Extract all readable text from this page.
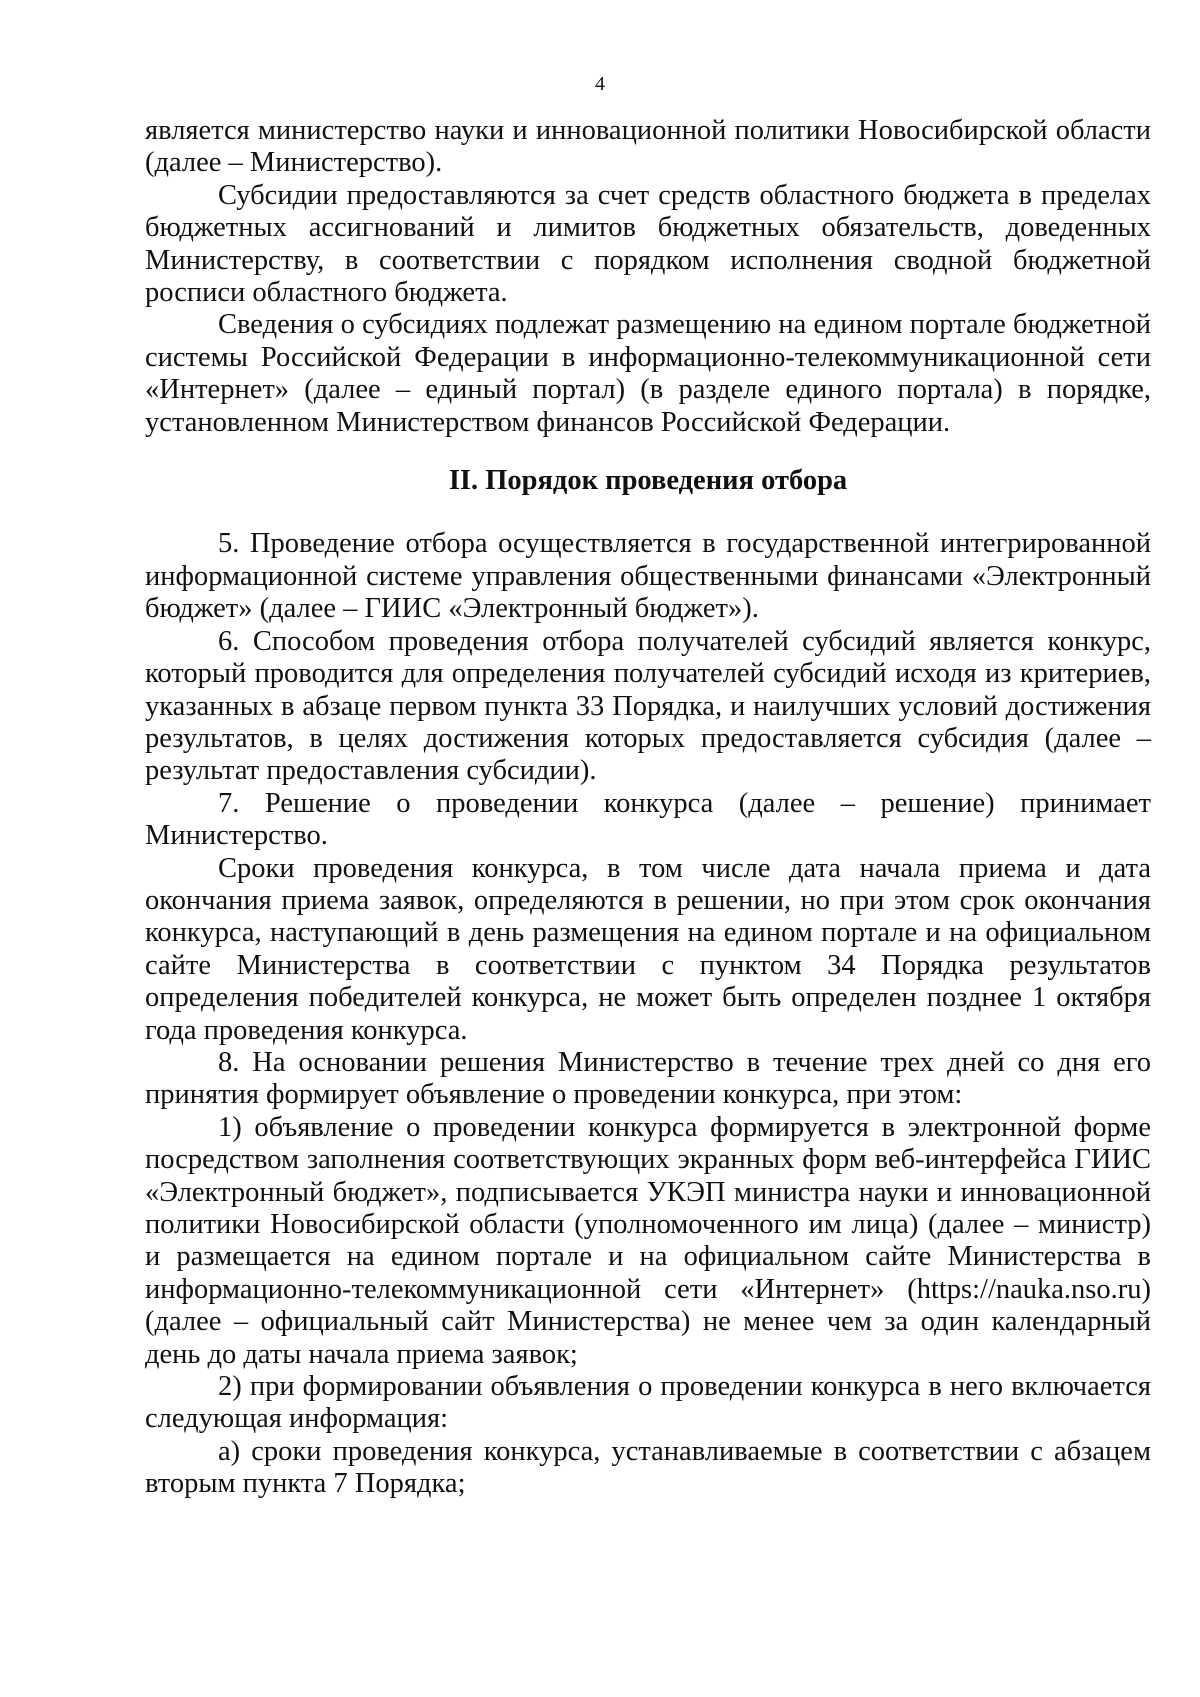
4

является министерство науки и инновационной политики Новосибирской области (далее – Министерство).

Субсидии предоставляются за счет средств областного бюджета в пределах бюджетных ассигнований и лимитов бюджетных обязательств, доведенных Министерству, в соответствии с порядком исполнения сводной бюджетной росписи областного бюджета.

Сведения о субсидиях подлежат размещению на едином портале бюджетной системы Российской Федерации в информационно-телекоммуникационной сети «Интернет» (далее – единый портал) (в разделе единого портала) в порядке, установленном Министерством финансов Российской Федерации.

II. Порядок проведения отбора

5. Проведение отбора осуществляется в государственной интегрированной информационной системе управления общественными финансами «Электронный бюджет» (далее – ГИИС «Электронный бюджет»).

6. Способом проведения отбора получателей субсидий является конкурс, который проводится для определения получателей субсидий исходя из критериев, указанных в абзаце первом пункта 33 Порядка, и наилучших условий достижения результатов, в целях достижения которых предоставляется субсидия (далее – результат предоставления субсидии).

7. Решение о проведении конкурса (далее – решение) принимает Министерство.

Сроки проведения конкурса, в том числе дата начала приема и дата окончания приема заявок, определяются в решении, но при этом срок окончания конкурса, наступающий в день размещения на едином портале и на официальном сайте Министерства в соответствии с пунктом 34 Порядка результатов определения победителей конкурса, не может быть определен позднее 1 октября года проведения конкурса.

8. На основании решения Министерство в течение трех дней со дня его принятия формирует объявление о проведении конкурса, при этом:

1) объявление о проведении конкурса формируется в электронной форме посредством заполнения соответствующих экранных форм веб-интерфейса ГИИС «Электронный бюджет», подписывается УКЭП министра науки и инновационной политики Новосибирской области (уполномоченного им лица) (далее – министр) и размещается на едином портале и на официальном сайте Министерства в информационно-телекоммуникационной сети «Интернет» (https://nauka.nso.ru) (далее – официальный сайт Министерства) не менее чем за один календарный день до даты начала приема заявок;

2) при формировании объявления о проведении конкурса в него включается следующая информация:

а) сроки проведения конкурса, устанавливаемые в соответствии с абзацем вторым пункта 7 Порядка;
